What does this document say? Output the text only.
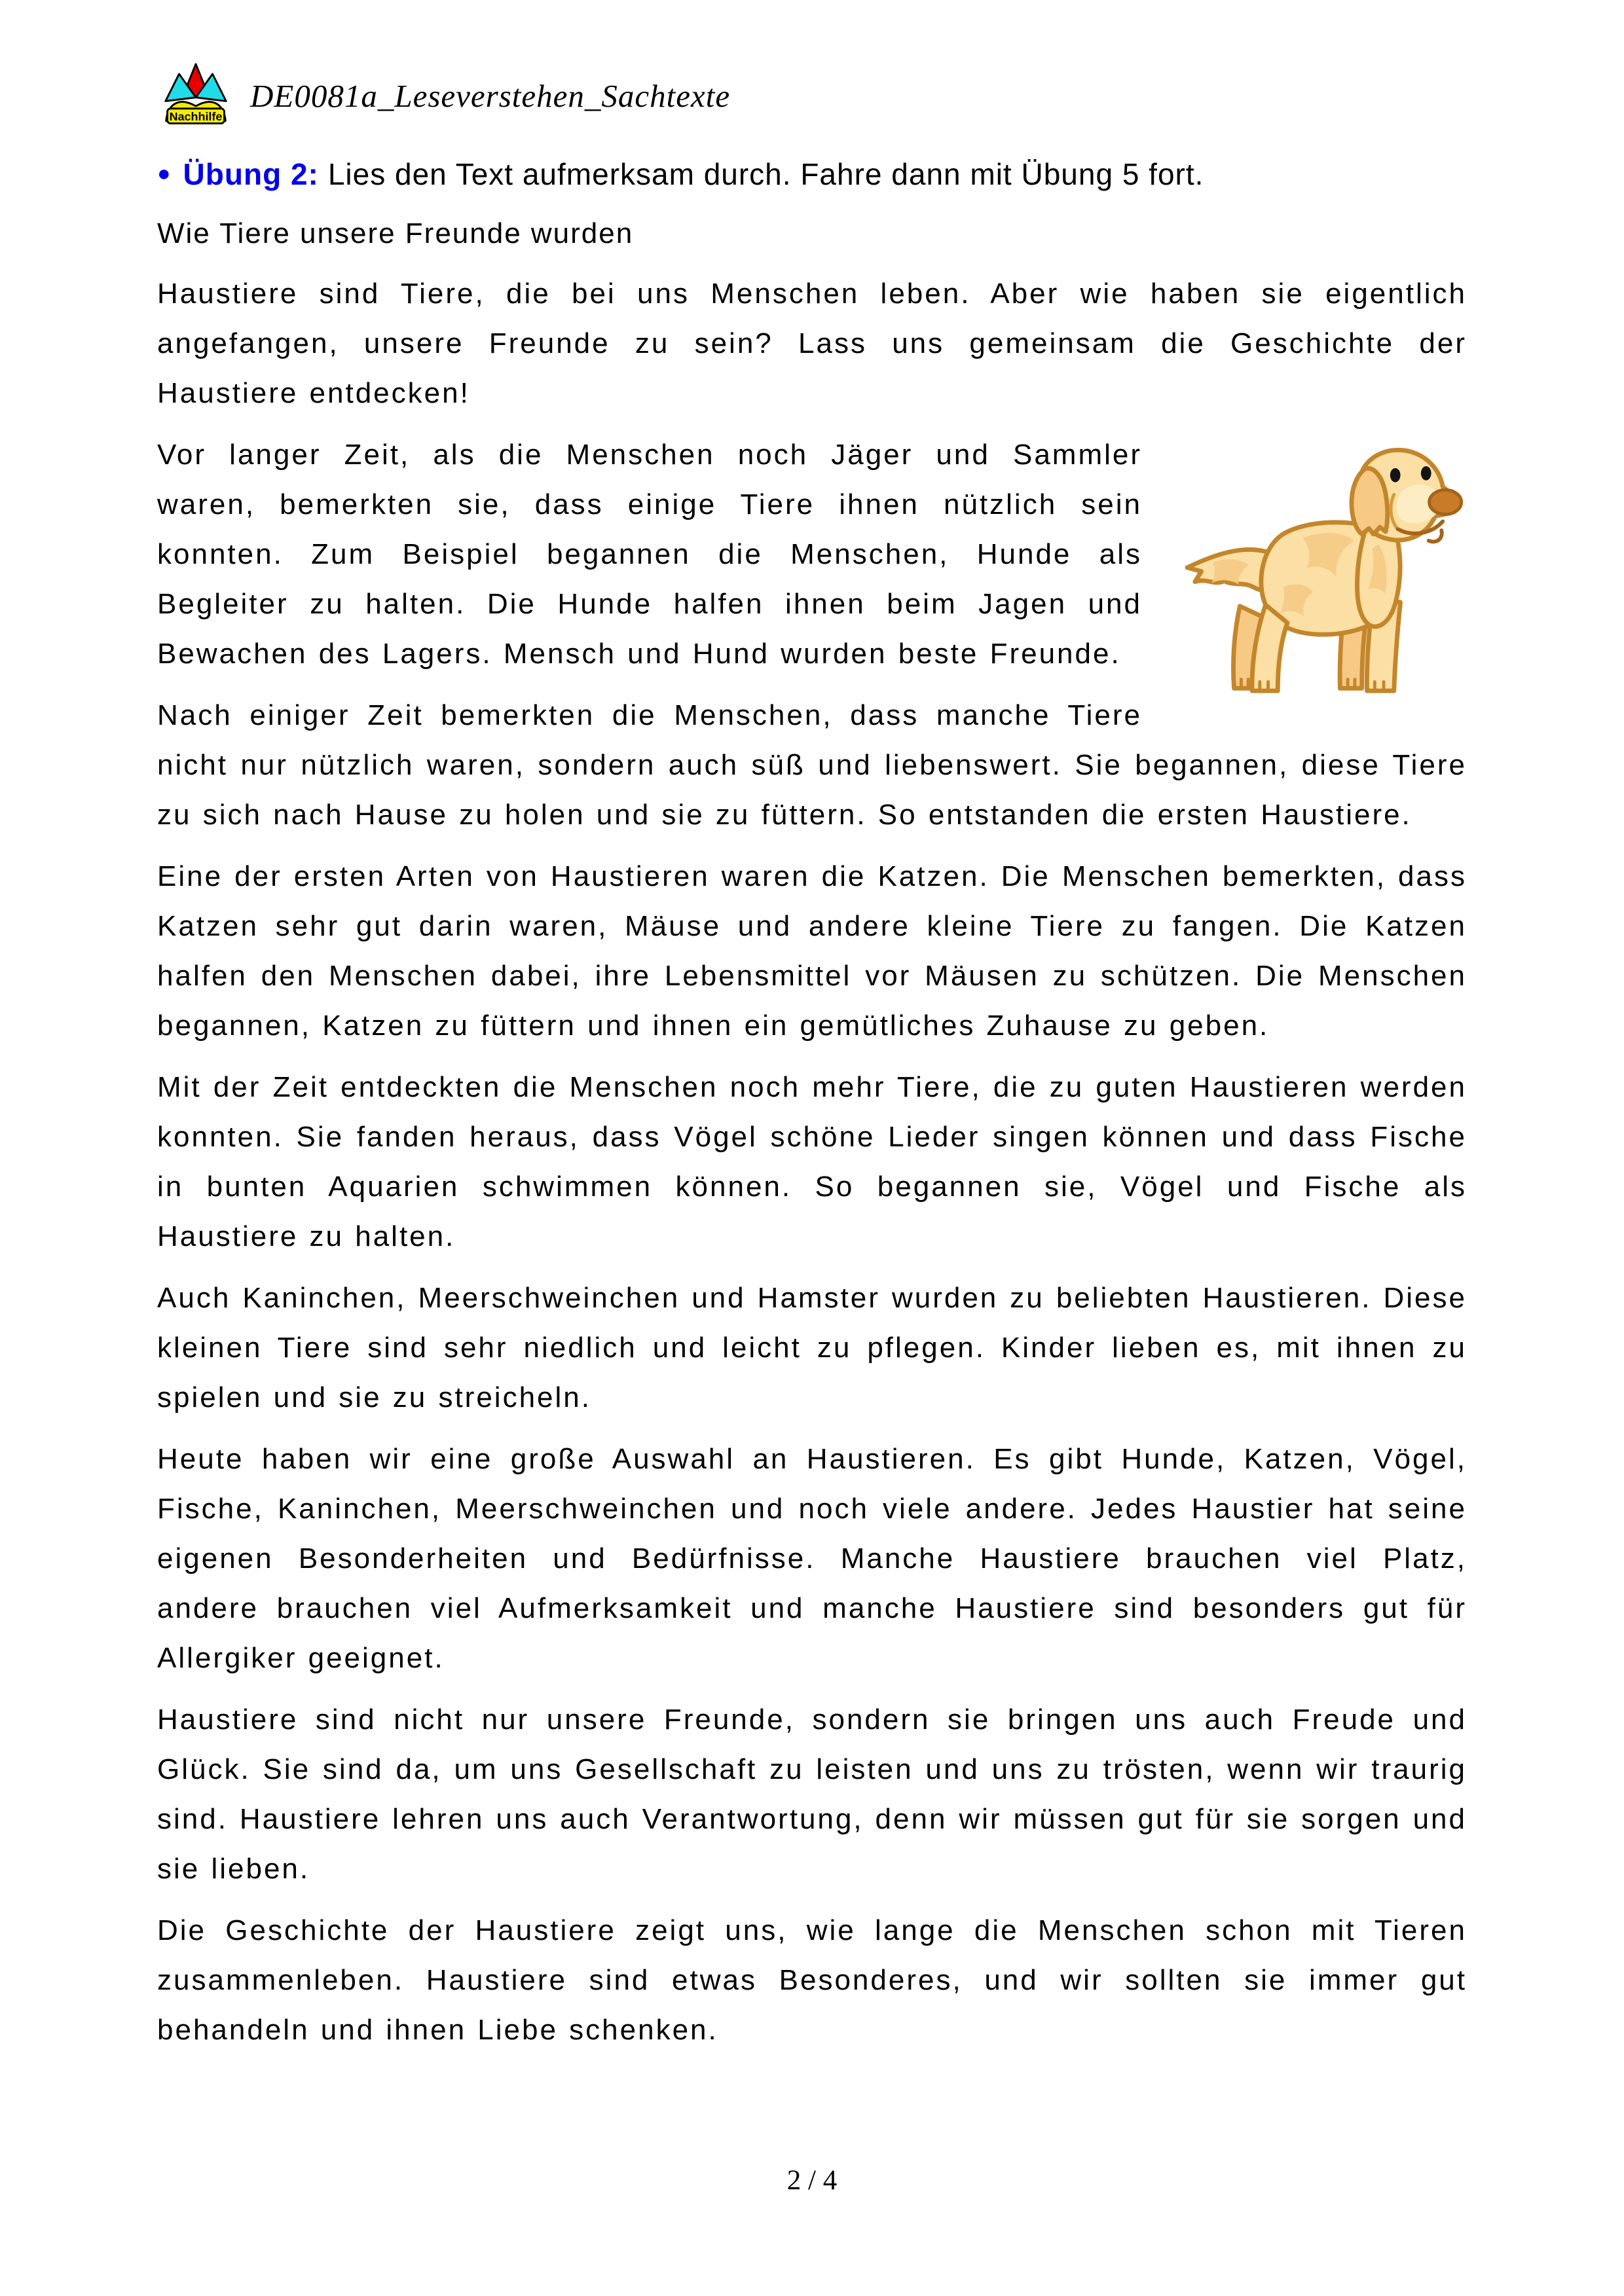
Nachhilfe
DE0081a_Leseverstehen_Sachtexte
● Übung 2: Lies den Text aufmerksam durch. Fahre dann mit Übung 5 fort.
Wie Tiere unsere Freunde wurden

Haustiere sind Tiere, die bei uns Menschen leben. Aber wie haben sie eigentlich angefangen, unsere Freunde zu sein? Lass uns gemeinsam die Geschichte der Haustiere entdecken!

Vor langer Zeit, als die Menschen noch Jäger und Sammler waren, bemerkten sie, dass einige Tiere ihnen nützlich sein konnten. Zum Beispiel begannen die Menschen, Hunde als Begleiter zu halten. Die Hunde halfen ihnen beim Jagen und Bewachen des Lagers. Mensch und Hund wurden beste Freunde.

Nach einiger Zeit bemerkten die Menschen, dass manche Tiere nicht nur nützlich waren, sondern auch süß und liebenswert. Sie begannen, diese Tiere zu sich nach Hause zu holen und sie zu füttern. So entstanden die ersten Haustiere.

Eine der ersten Arten von Haustieren waren die Katzen. Die Menschen bemerkten, dass Katzen sehr gut darin waren, Mäuse und andere kleine Tiere zu fangen. Die Katzen halfen den Menschen dabei, ihre Lebensmittel vor Mäusen zu schützen. Die Menschen begannen, Katzen zu füttern und ihnen ein gemütliches Zuhause zu geben.

Mit der Zeit entdeckten die Menschen noch mehr Tiere, die zu guten Haustieren werden konnten. Sie fanden heraus, dass Vögel schöne Lieder singen können und dass Fische in bunten Aquarien schwimmen können. So begannen sie, Vögel und Fische als Haustiere zu halten.

Auch Kaninchen, Meerschweinchen und Hamster wurden zu beliebten Haustieren. Diese kleinen Tiere sind sehr niedlich und leicht zu pflegen. Kinder lieben es, mit ihnen zu spielen und sie zu streicheln.

Heute haben wir eine große Auswahl an Haustieren. Es gibt Hunde, Katzen, Vögel, Fische, Kaninchen, Meerschweinchen und noch viele andere. Jedes Haustier hat seine eigenen Besonderheiten und Bedürfnisse. Manche Haustiere brauchen viel Platz, andere brauchen viel Aufmerksamkeit und manche Haustiere sind besonders gut für Allergiker geeignet.

Haustiere sind nicht nur unsere Freunde, sondern sie bringen uns auch Freude und Glück. Sie sind da, um uns Gesellschaft zu leisten und uns zu trösten, wenn wir traurig sind. Haustiere lehren uns auch Verantwortung, denn wir müssen gut für sie sorgen und sie lieben.

Die Geschichte der Haustiere zeigt uns, wie lange die Menschen schon mit Tieren zusammenleben. Haustiere sind etwas Besonderes, und wir sollten sie immer gut behandeln und ihnen Liebe schenken.

2 / 4
